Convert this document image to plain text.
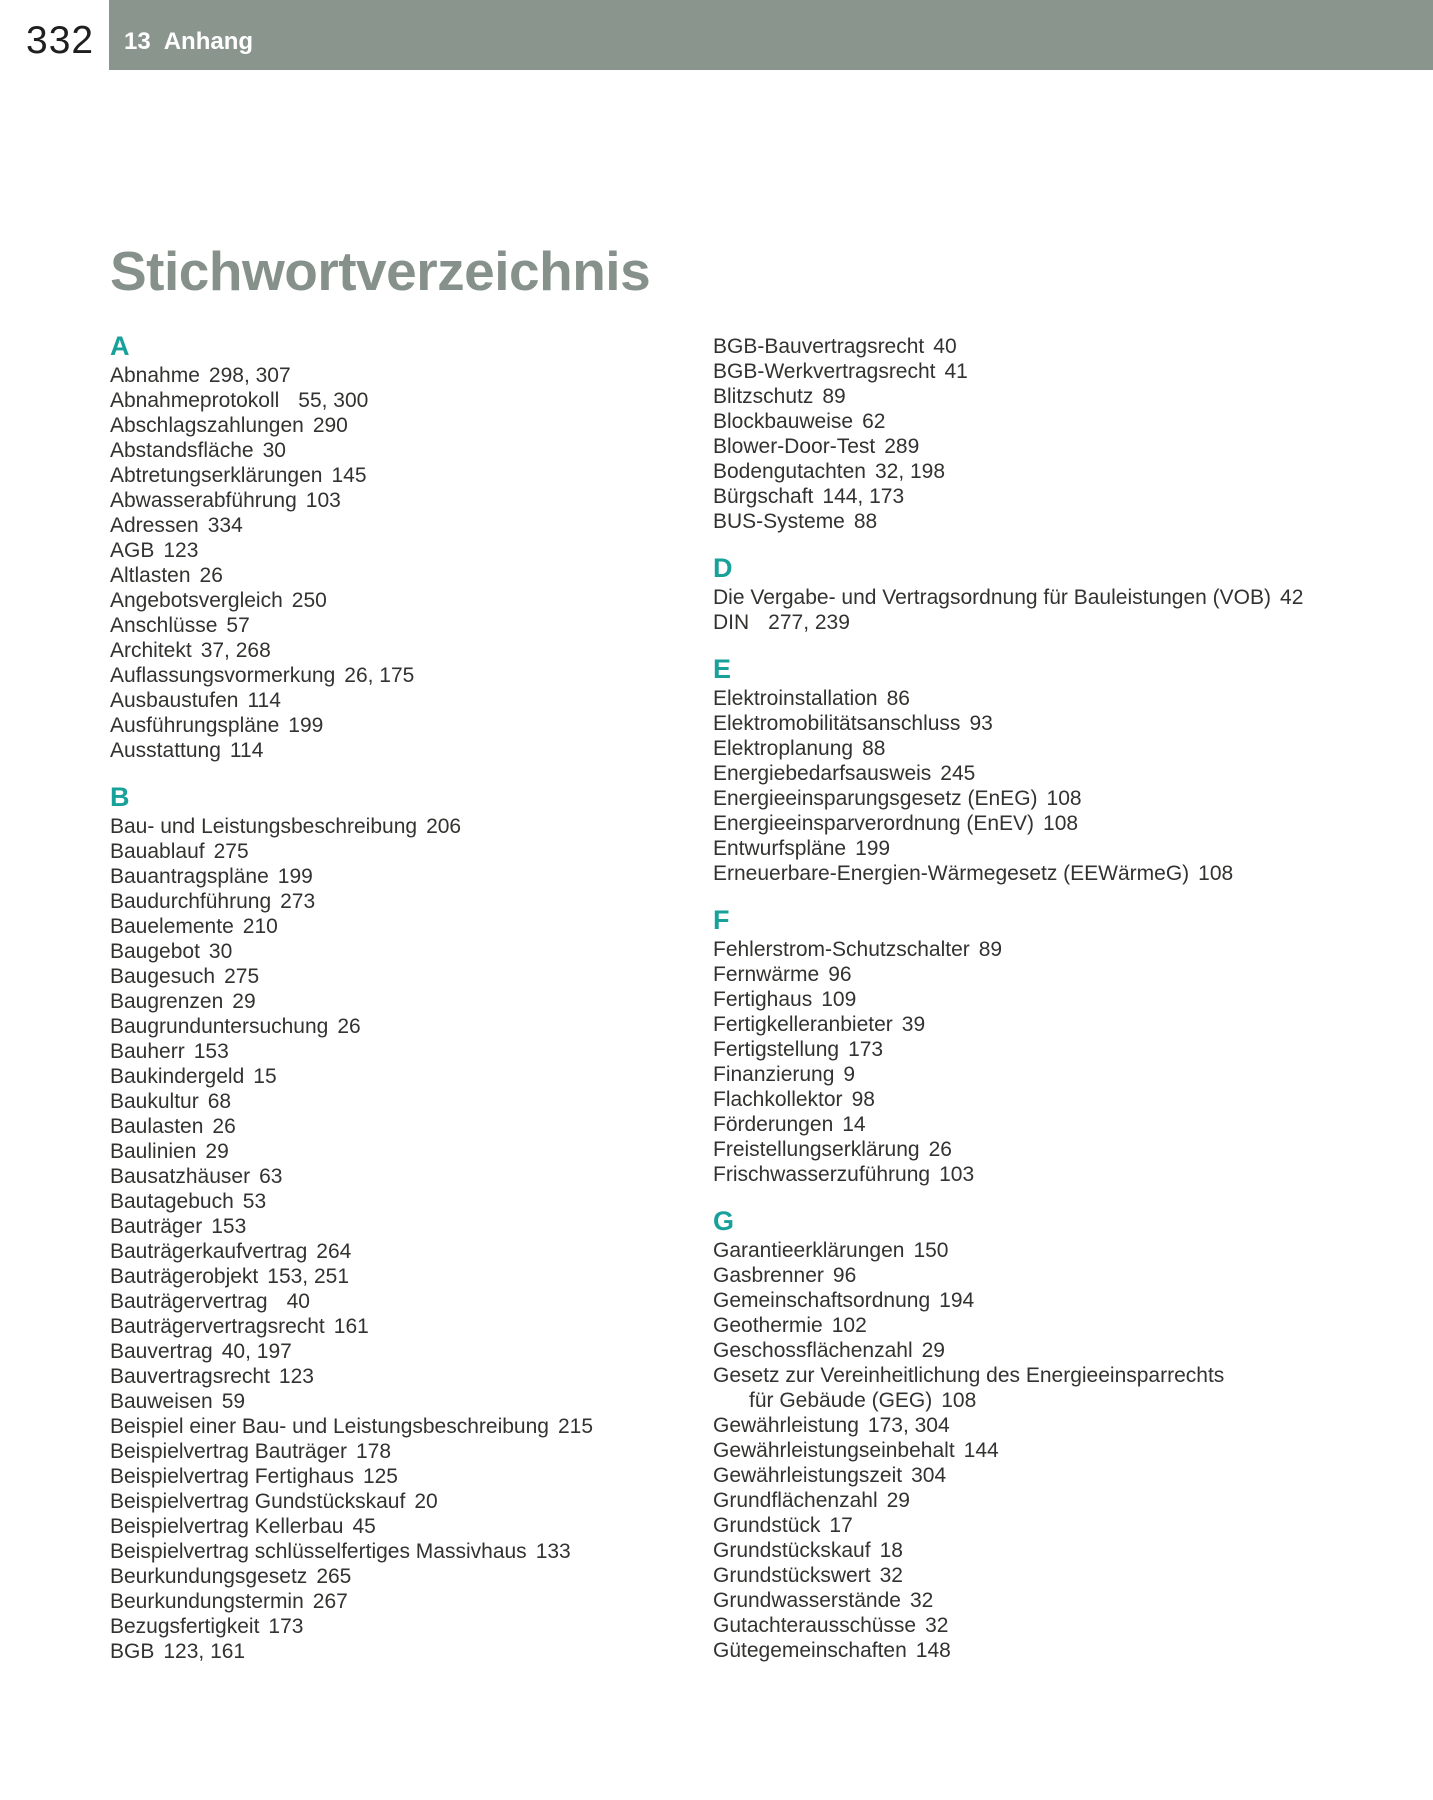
332 13 Anhang
Stichwortverzeichnis
A
Abnahme 298, 307
Abnahmeprotokoll 55, 300
Abschlagszahlungen 290
Abstandsfläche 30
Abtretungserklärungen 145
Abwasserabführung 103
Adressen 334
AGB 123
Altlasten 26
Angebotsvergleich 250
Anschlüsse 57
Architekt 37, 268
Auflassungsvormerkung 26, 175
Ausbaustufen 114
Ausführungspläne 199
Ausstattung 114
B
Bau- und Leistungsbeschreibung 206
Bauablauf 275
Bauantragspläne 199
Baudurchführung 273
Bauelemente 210
Baugebot 30
Baugesuch 275
Baugrenzen 29
Baugrunduntersuchung 26
Bauherr 153
Baukindergeld 15
Baukultur 68
Baulasten 26
Baulinien 29
Bausatzhäuser 63
Bautagebuch 53
Bauträger 153
Bauträgerkaufvertrag 264
Bauträgerobjekt 153, 251
Bauträgervertrag 40
Bauträgervertragsrecht 161
Bauvertrag 40, 197
Bauvertragsrecht 123
Bauweisen 59
Beispiel einer Bau- und Leistungsbeschreibung 215
Beispielvertrag Bauträger 178
Beispielvertrag Fertighaus 125
Beispielvertrag Gundstückskauf 20
Beispielvertrag Kellerbau 45
Beispielvertrag schlüsselfertiges Massivhaus 133
Beurkundungsgesetz 265
Beurkundungstermin 267
Bezugsfertigkeit 173
BGB 123, 161
BGB-Bauvertragsrecht 40
BGB-Werkvertragsrecht 41
Blitzschutz 89
Blockbauweise 62
Blower-Door-Test 289
Bodengutachten 32, 198
Bürgschaft 144, 173
BUS-Systeme 88
D
Die Vergabe- und Vertragsordnung für Bauleistungen (VOB) 42
DIN 277, 239
E
Elektroinstallation 86
Elektromobilitätsanschluss 93
Elektroplanung 88
Energiebedarfsausweis 245
Energieeinsparungsgesetz (EnEG) 108
Energieeinsparverordnung (EnEV) 108
Entwurfspläne 199
Erneuerbare-Energien-Wärmegesetz (EEWärmeG) 108
F
Fehlerstrom-Schutzschalter 89
Fernwärme 96
Fertighaus 109
Fertigkelleranbieter 39
Fertigstellung 173
Finanzierung 9
Flachkollektor 98
Förderungen 14
Freistellungserklärung 26
Frischwasserzuführung 103
G
Garantieerklärungen 150
Gasbrenner 96
Gemeinschaftsordnung 194
Geothermie 102
Geschossflächenzahl 29
Gesetz zur Vereinheitlichung des Energieeinsparrechts
für Gebäude (GEG) 108
Gewährleistung 173, 304
Gewährleistungseinbehalt 144
Gewährleistungszeit 304
Grundflächenzahl 29
Grundstück 17
Grundstückskauf 18
Grundstückswert 32
Grundwasserstände 32
Gutachterausschüsse 32
Gütegemeinschaften 148
